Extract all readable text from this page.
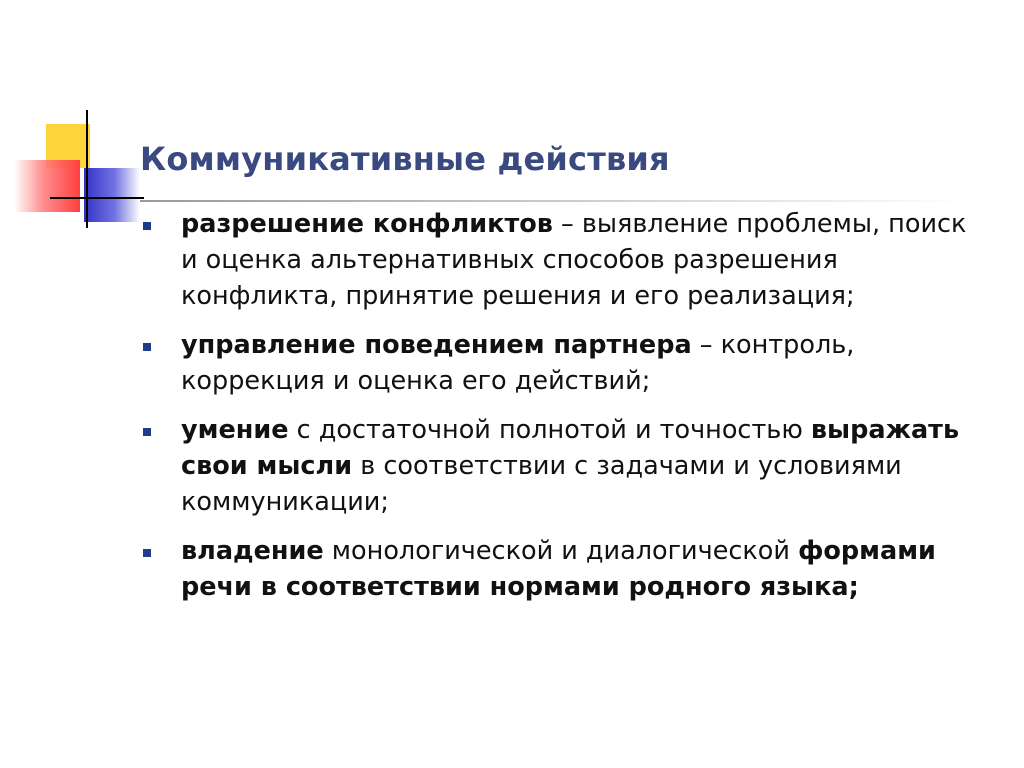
Коммуникативные действия
разрешение конфликтов – выявление проблемы, поиск и оценка альтернативных способов разрешения конфликта, принятие решения и его реализация;
управление поведением партнера – контроль, коррекция и оценка его действий;
умение с достаточной полнотой и точностью выражать свои мысли в соответствии с задачами и условиями коммуникации;
владение монологической и диалогической формами речи в соответствии нормами родного языка;
